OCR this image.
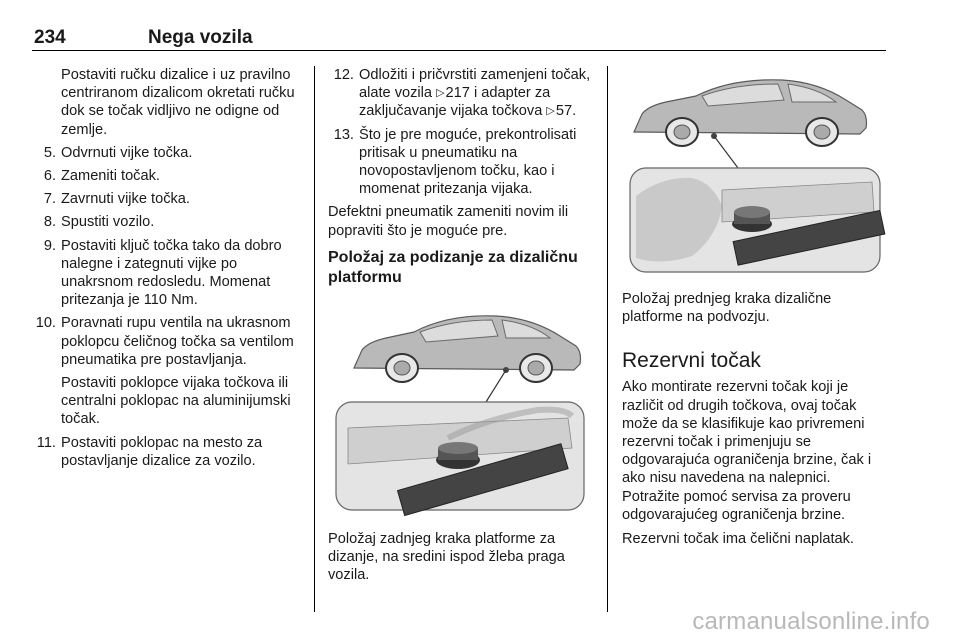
234	Nega vozila

Postaviti ručku dizalice i uz pravilno centriranom dizalicom okretati ručku dok se točak vidljivo ne odigne od zemlje.

5. Odvrnuti vijke točka.
6. Zameniti točak.
7. Zavrnuti vijke točka.
8. Spustiti vozilo.
9. Postaviti ključ točka tako da dobro nalegne i zategnuti vijke po unakrsnom redosledu. Momenat pritezanja je 110 Nm.
10. Poravnati rupu ventila na ukrasnom poklopcu čeličnog točka sa ventilom pneumatika pre postavljanja.

Postaviti poklopce vijaka točkova ili centralni poklopac na aluminijumski točak.

11. Postaviti poklopac na mesto za postavljanje dizalice za vozilo.
12. Odložiti i pričvrstiti zamenjeni točak, alate vozila ▷217 i adapter za zaključavanje vijaka točkova ▷57.
13. Što je pre moguće, prekontrolisati pritisak u pneumatiku na novopostavljenom točku, kao i momenat pritezanja vijaka.

Defektni pneumatik zameniti novim ili popraviti što je moguće pre.

Položaj za podizanje za dizaličnu platformu

Položaj zadnjeg kraka platforme za dizanje, na sredini ispod žleba praga vozila.

Položaj prednjeg kraka dizalične platforme na podvozju.

Rezervni točak

Ako montirate rezervni točak koji je različit od drugih točkova, ovaj točak može da se klasifikuje kao privremeni rezervni točak i primenjuju se odgovarajuća ograničenja brzine, čak i ako nisu navedena na nalepnici. Potražite pomoć servisa za proveru odgovarajućeg ograničenja brzine.

Rezervni točak ima čelični naplatak.

carmanualsonline.info
